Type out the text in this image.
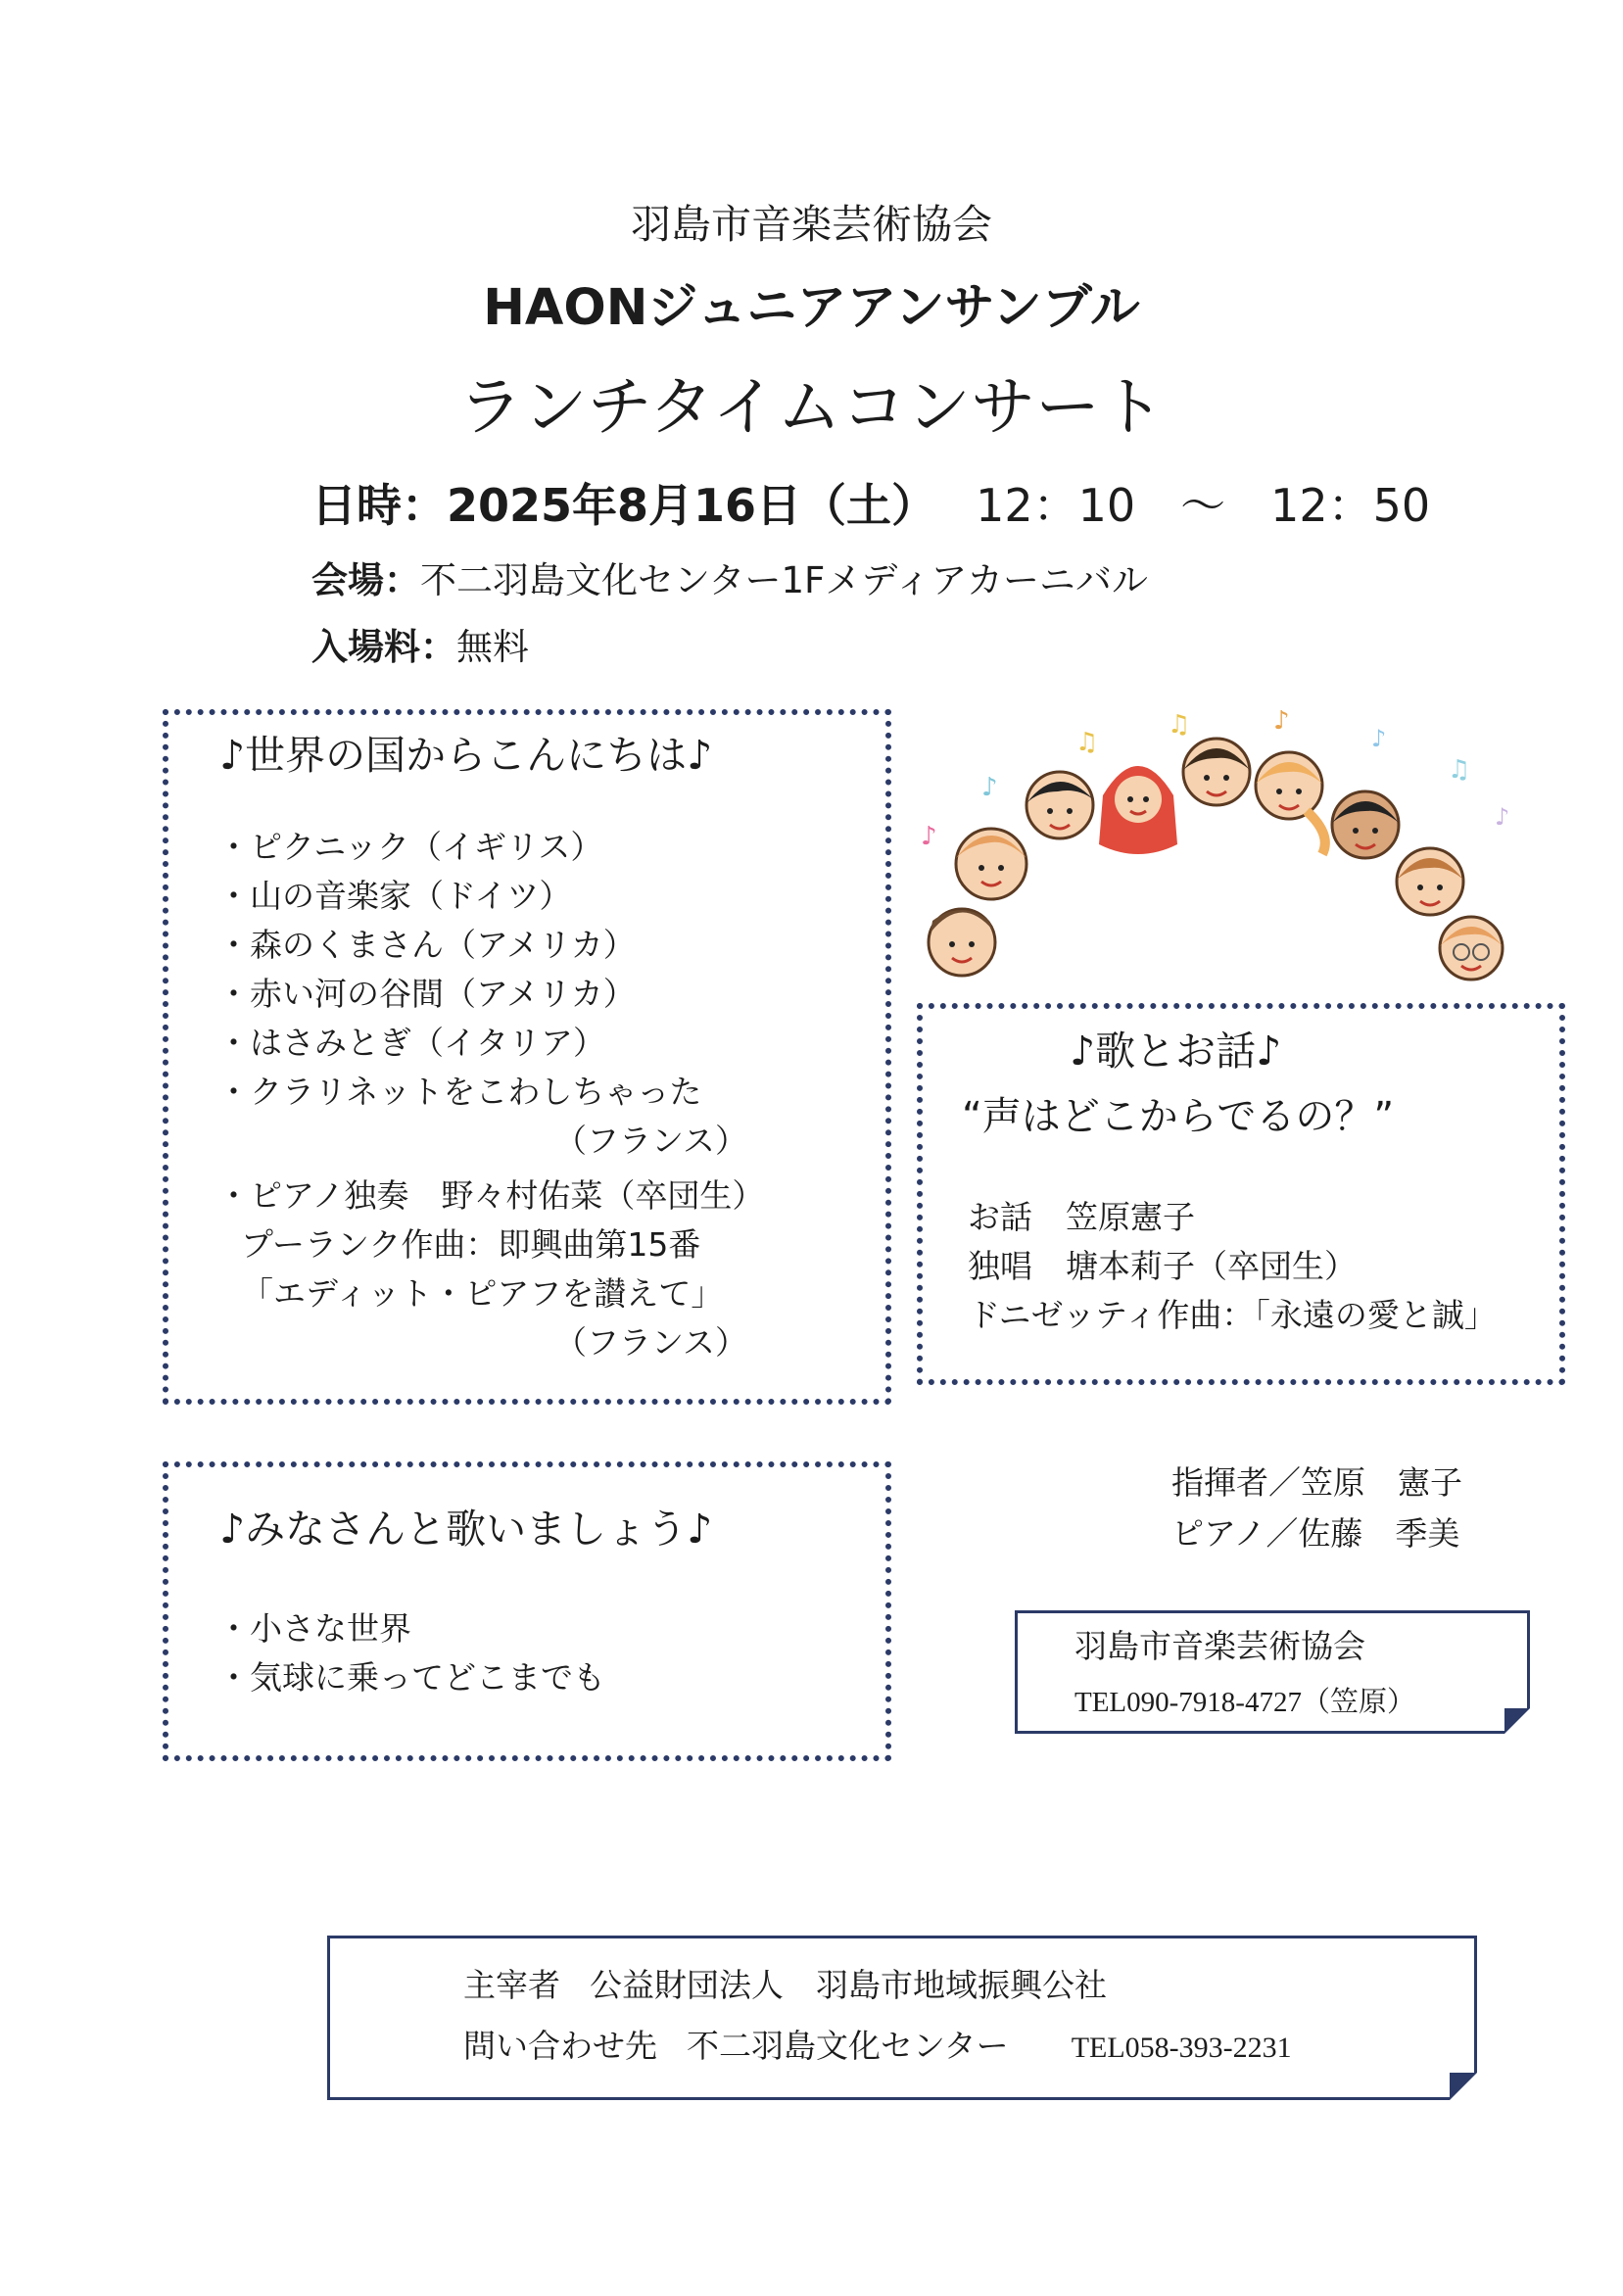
羽島市音楽芸術協会
HAONジュニアアンサンブル
ランチタイムコンサート
日時：2025年8月16日（土） 12：10　～　12：50
会場：不二羽島文化センター1Fメディアカーニバル
入場料：無料
♪世界の国からこんにちは♪
・ピクニック（イギリス）
・山の音楽家（ドイツ）
・森のくまさん（アメリカ）
・赤い河の谷間（アメリカ）
・はさみとぎ（イタリア）
・クラリネットをこわしちゃった
（フランス）
・ピアノ独奏　野々村佑菜（卒団生）
プーランク作曲：即興曲第15番
「エディット・ピアフを讃えて」
（フランス）
♪
♪
♫
♫	♪
♪
♫
♪
♪歌とお話♪
“声はどこからでるの？”
お話 笠原憲子
独唱 塘本莉子（卒団生）
ドニゼッティ作曲：「永遠の愛と誠」
♪みなさんと歌いましょう♪
・小さな世界
・気球に乗ってどこまでも
指揮者／笠原　憲子
ピアノ／佐藤　季美
羽島市音楽芸術協会
TEL090-7918-4727（笠原）
主宰者 公益財団法人　羽島市地域振興公社
問い合わせ先 不二羽島文化センター TEL058-393-2231
